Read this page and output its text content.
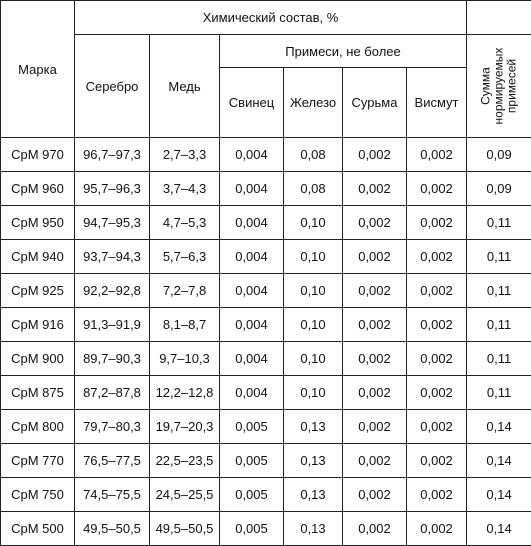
Марка	Химический состав, %						
	Серебро	Медь	Примеси, не более				Сумма нормируемых примесей

			Свинец	Железо	Сурьма	Висмут	
СрМ 970	96,7–97,3	2,7–3,3	0,004	0,08	0,002	0,002	0,09
СрМ 960	95,7–96,3	3,7–4,3	0,004	0,08	0,002	0,002	0,09
СрМ 950	94,7–95,3	4,7–5,3	0,004	0,10	0,002	0,002	0,11
СрМ 940	93,7–94,3	5,7–6,3	0,004	0,10	0,002	0,002	0,11
СрМ 925	92,2–92,8	7,2–7,8	0,004	0,10	0,002	0,002	0,11
СрМ 916	91,3–91,9	8,1–8,7	0,004	0,10	0,002	0,002	0,11
СрМ 900	89,7–90,3	9,7–10,3	0,004	0,10	0,002	0,002	0,11
СрМ 875	87,2–87,8	12,2–12,8	0,004	0,10	0,002	0,002	0,11
СрМ 800	79,7–80,3	19,7–20,3	0,005	0,13	0,002	0,002	0,14
СрМ 770	76,5–77,5	22,5–23,5	0,005	0,13	0,002	0,002	0,14
СрМ 750	74,5–75,5	24,5–25,5	0,005	0,13	0,002	0,002	0,14
СрМ 500	49,5–50,5	49,5–50,5	0,005	0,13	0,002	0,002	0,14
